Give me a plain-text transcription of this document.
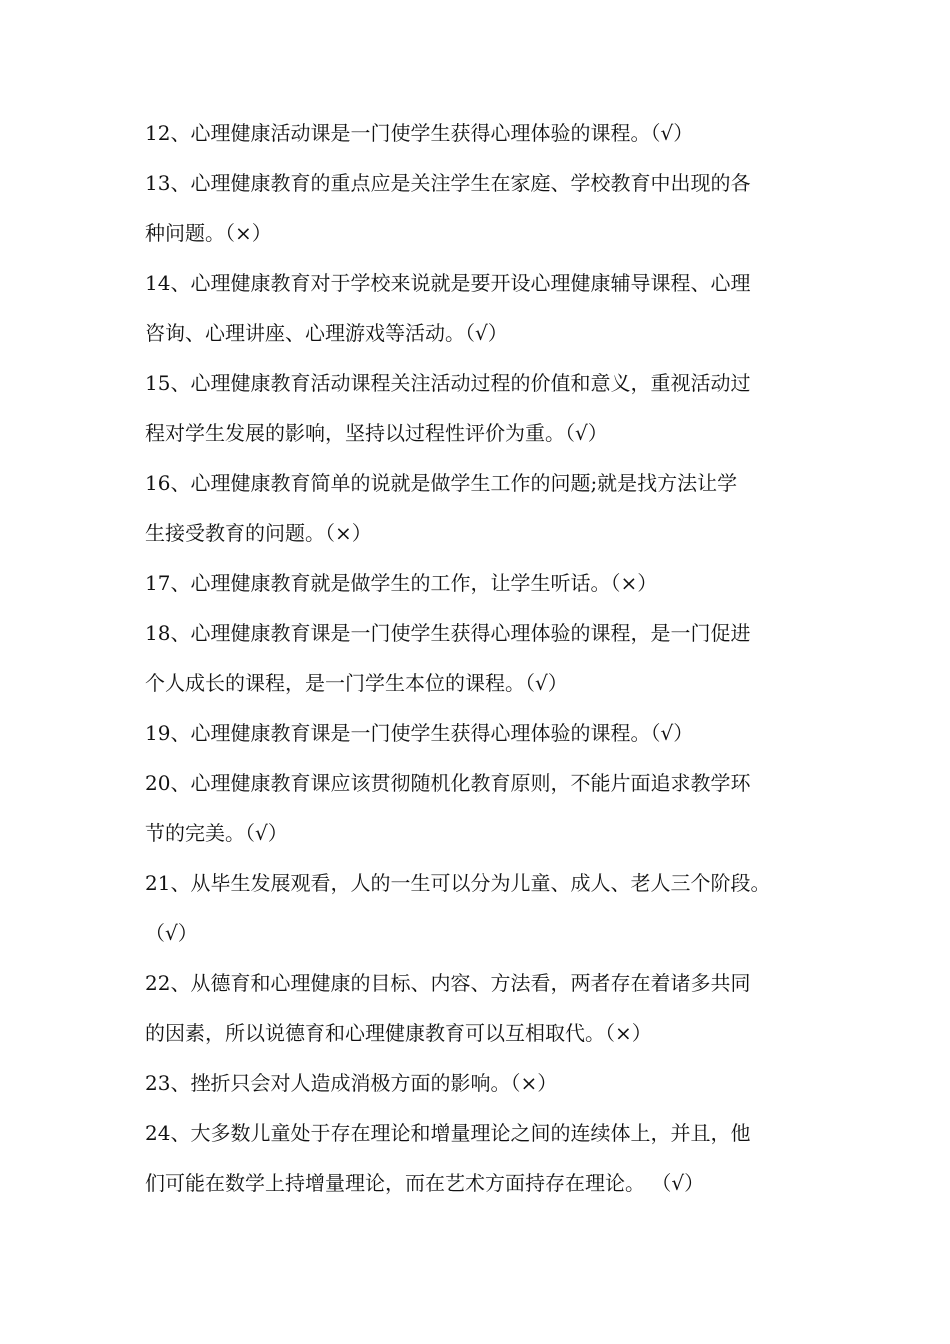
12、心理健康活动课是一门使学生获得心理体验的课程。（√）

13、心理健康教育的重点应是关注学生在家庭、学校教育中出现的各
种问题。（×）

14、心理健康教育对于学校来说就是要开设心理健康辅导课程、心理
咨询、心理讲座、心理游戏等活动。（√）

15、心理健康教育活动课程关注活动过程的价值和意义，重视活动过
程对学生发展的影响，坚持以过程性评价为重。（√）

16、心理健康教育简单的说就是做学生工作的问题;就是找方法让学
生接受教育的问题。（×）

17、心理健康教育就是做学生的工作，让学生听话。（×）

18、心理健康教育课是一门使学生获得心理体验的课程，是一门促进
个人成长的课程，是一门学生本位的课程。（√）

19、心理健康教育课是一门使学生获得心理体验的课程。（√）

20、心理健康教育课应该贯彻随机化教育原则，不能片面追求教学环
节的完美。（√）

21、从毕生发展观看，人的一生可以分为儿童、成人、老人三个阶段。
（√）

22、从德育和心理健康的目标、内容、方法看，两者存在着诸多共同
的因素，所以说德育和心理健康教育可以互相取代。（×）

23、挫折只会对人造成消极方面的影响。（×）

24、大多数儿童处于存在理论和增量理论之间的连续体上，并且，他
们可能在数学上持增量理论，而在艺术方面持存在理论。 （√）
